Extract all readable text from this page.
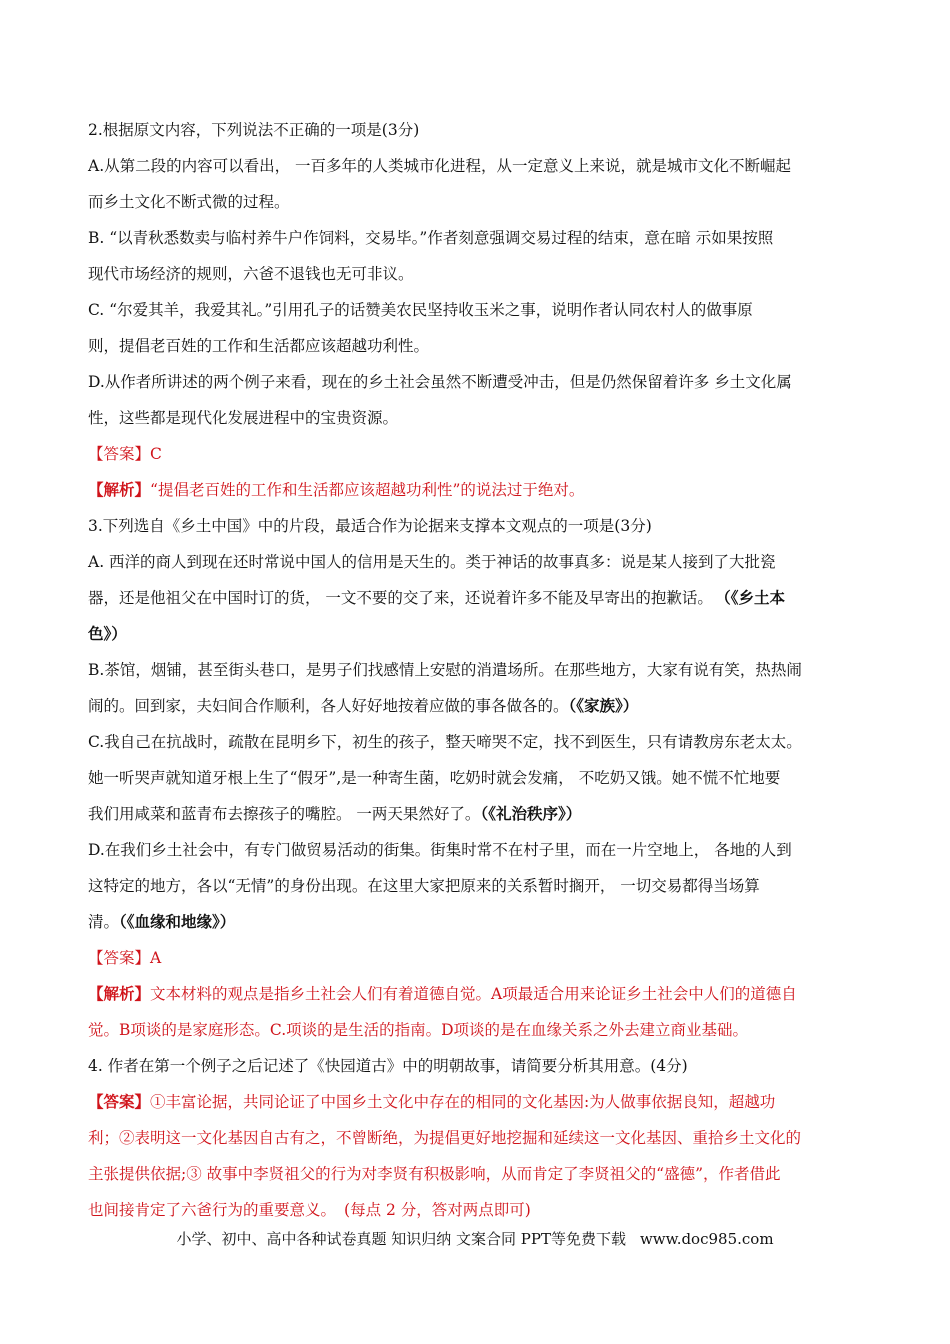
2.根据原文内容，下列说法不正确的一项是(3分)

A.从第二段的内容可以看出， 一百多年的人类城市化进程，从一定意义上来说，就是城市文化不断崛起

而乡土文化不断式微的过程。

B. “以青秋悉数卖与临村养牛户作饲料，交易毕。”作者刻意强调交易过程的结束，意在暗 示如果按照

现代市场经济的规则，六爸不退钱也无可非议。

C. “尔爱其羊，我爱其礼。”引用孔子的话赞美农民坚持收玉米之事，说明作者认同农村人的做事原

则，提倡老百姓的工作和生活都应该超越功利性。

D.从作者所讲述的两个例子来看，现在的乡土社会虽然不断遭受冲击，但是仍然保留着许多 乡土文化属

性，这些都是现代化发展进程中的宝贵资源。

【答案】C

【解析】“提倡老百姓的工作和生活都应该超越功利性”的说法过于绝对。

3.下列选自《乡土中国》中的片段，最适合作为论据来支撑本文观点的一项是(3分)

A. 西洋的商人到现在还时常说中国人的信用是天生的。类于神话的故事真多：说是某人接到了大批瓷

器，还是他祖父在中国时订的货， 一文不要的交了来，还说着许多不能及早寄出的抱歉话。 （《乡土本

色》）

B.茶馆，烟铺，甚至街头巷口，是男子们找感情上安慰的消遣场所。在那些地方，大家有说有笑，热热闹

闹的。回到家，夫妇间合作顺利，各人好好地按着应做的事各做各的。（《家族》）

C.我自己在抗战时，疏散在昆明乡下，初生的孩子，整天啼哭不定，找不到医生，只有请教房东老太太。

她一听哭声就知道牙根上生了“假牙”,是一种寄生菌，吃奶时就会发痛， 不吃奶又饿。她不慌不忙地要

我们用咸菜和蓝青布去擦孩子的嘴腔。 一两天果然好了。（《礼治秩序》）

D.在我们乡土社会中，有专门做贸易活动的街集。街集时常不在村子里，而在一片空地上， 各地的人到

这特定的地方，各以“无情”的身份出现。在这里大家把原来的关系暂时搁开， 一切交易都得当场算

清。（《血缘和地缘》）

【答案】A

【解析】文本材料的观点是指乡土社会人们有着道德自觉。A项最适合用来论证乡土社会中人们的道德自

觉。B项谈的是家庭形态。C.项谈的是生活的指南。D项谈的是在血缘关系之外去建立商业基础。

4. 作者在第一个例子之后记述了《快园道古》中的明朝故事，请简要分析其用意。(4分)

【答案】①丰富论据，共同论证了中国乡土文化中存在的相同的文化基因:为人做事依据良知，超越功

利；②表明这一文化基因自古有之，不曾断绝，为提倡更好地挖掘和延续这一文化基因、重拾乡土文化的

主张提供依据;③ 故事中李贤祖父的行为对李贤有积极影响，从而肯定了李贤祖父的“盛德”，作者借此

也间接肯定了六爸行为的重要意义。 (每点 2 分，答对两点即可)

小学、初中、高中各种试卷真题 知识归纳 文案合同 PPT等免费下载 www.doc985.com
